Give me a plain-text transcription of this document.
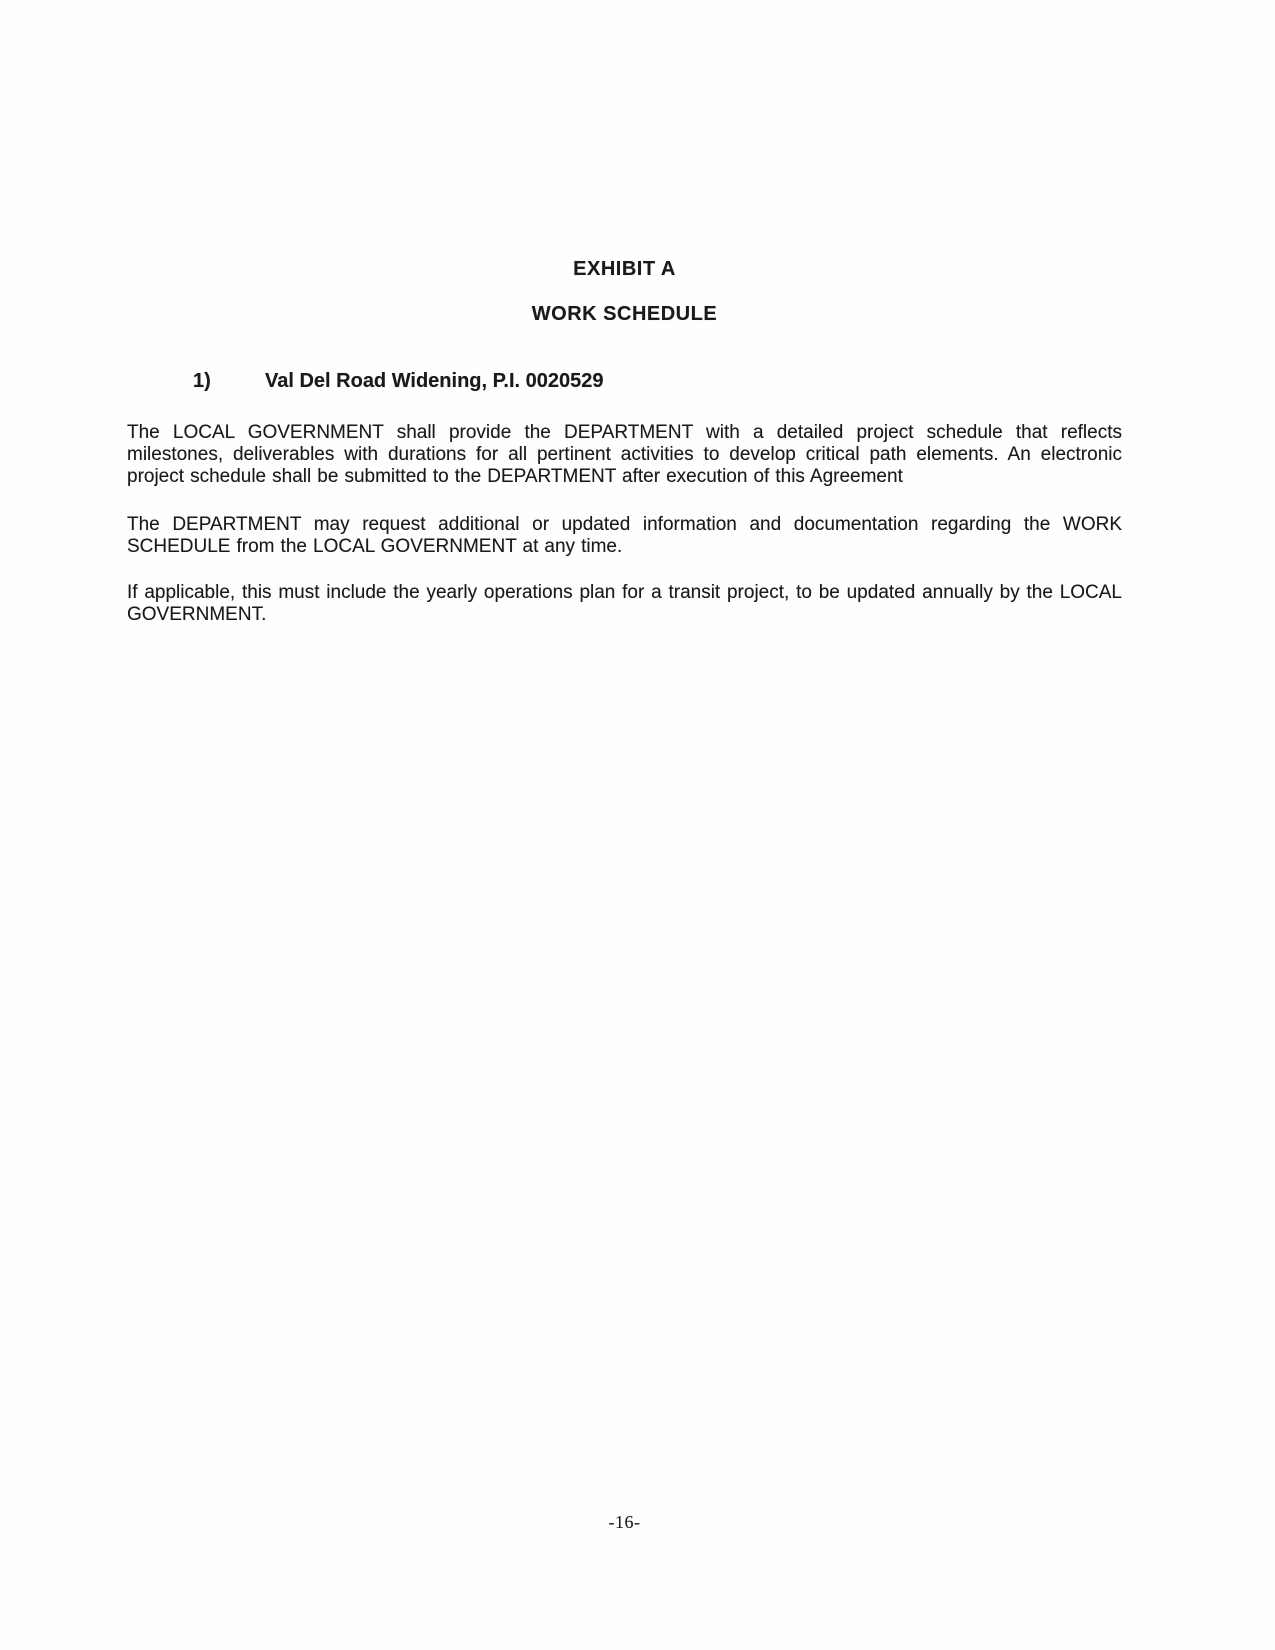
EXHIBIT A
WORK SCHEDULE
1)	Val Del Road Widening, P.I. 0020529

The LOCAL GOVERNMENT shall provide the DEPARTMENT with a detailed project schedule that reflects milestones, deliverables with durations for all pertinent activities to develop critical path elements. An electronic project schedule shall be submitted to the DEPARTMENT after execution of this Agreement

The DEPARTMENT may request additional or updated information and documentation regarding the WORK SCHEDULE from the LOCAL GOVERNMENT at any time.

If applicable, this must include the yearly operations plan for a transit project, to be updated annually by the LOCAL GOVERNMENT.

-16-
